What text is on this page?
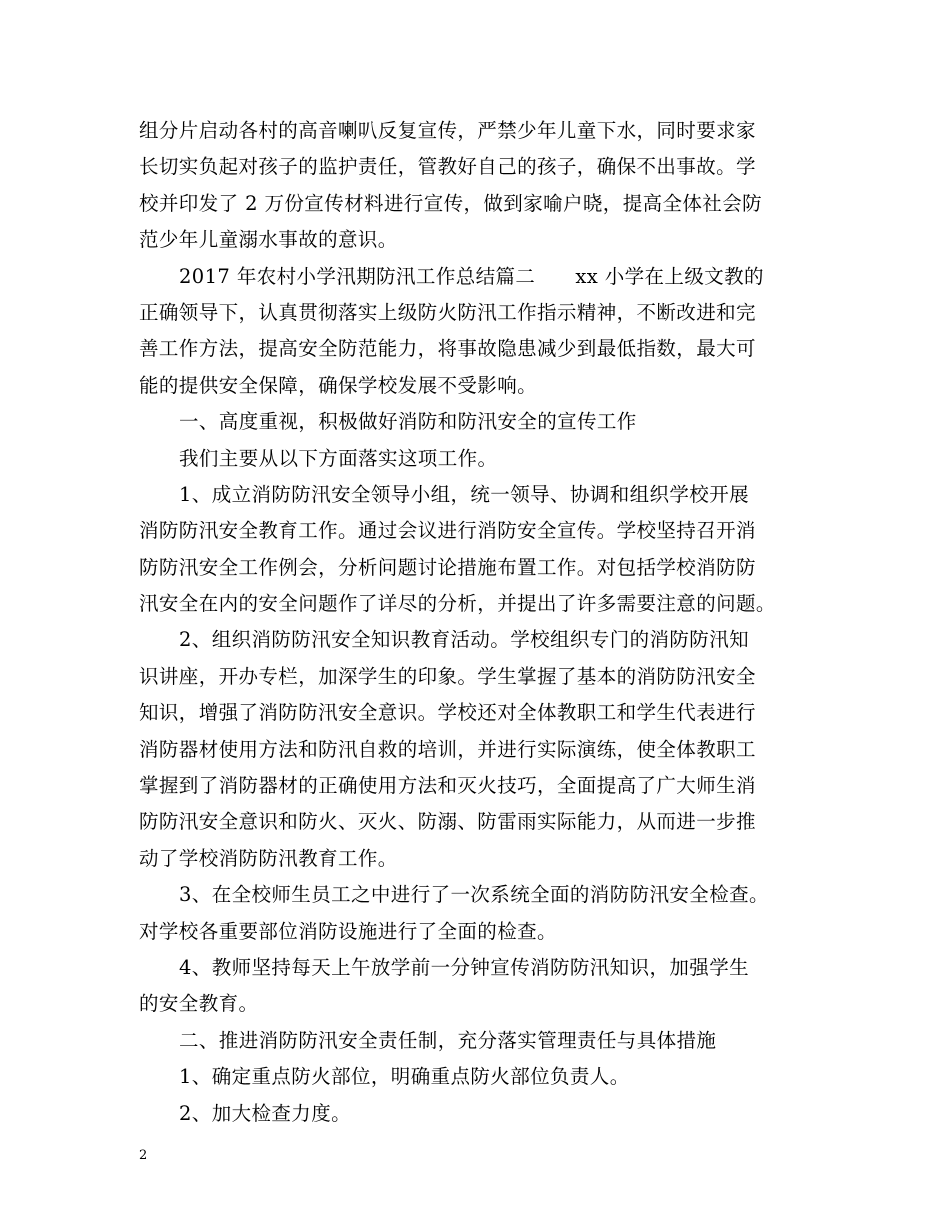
组分片启动各村的高音喇叭反复宣传，严禁少年儿童下水，同时要求家
长切实负起对孩子的监护责任，管教好自己的孩子，确保不出事故。学
校并印发了 2 万份宣传材料进行宣传，做到家喻户晓，提高全体社会防
范少年儿童溺水事故的意识。
2017 年农村小学汛期防汛工作总结篇二 xx 小学在上级文教的
正确领导下，认真贯彻落实上级防火防汛工作指示精神，不断改进和完
善工作方法，提高安全防范能力，将事故隐患减少到最低指数，最大可
能的提供安全保障，确保学校发展不受影响。
一、高度重视，积极做好消防和防汛安全的宣传工作
我们主要从以下方面落实这项工作。
1、成立消防防汛安全领导小组，统一领导、协调和组织学校开展
消防防汛安全教育工作。通过会议进行消防安全宣传。学校坚持召开消
防防汛安全工作例会，分析问题讨论措施布置工作。对包括学校消防防
汛安全在内的安全问题作了详尽的分析，并提出了许多需要注意的问题。
2、组织消防防汛安全知识教育活动。学校组织专门的消防防汛知
识讲座，开办专栏，加深学生的印象。学生掌握了基本的消防防汛安全
知识，增强了消防防汛安全意识。学校还对全体教职工和学生代表进行
消防器材使用方法和防汛自救的培训，并进行实际演练，使全体教职工
掌握到了消防器材的正确使用方法和灭火技巧，全面提高了广大师生消
防防汛安全意识和防火、灭火、防溺、防雷雨实际能力，从而进一步推
动了学校消防防汛教育工作。
3、在全校师生员工之中进行了一次系统全面的消防防汛安全检查。
对学校各重要部位消防设施进行了全面的检查。
4、教师坚持每天上午放学前一分钟宣传消防防汛知识，加强学生
的安全教育。
二、推进消防防汛安全责任制，充分落实管理责任与具体措施
1、确定重点防火部位，明确重点防火部位负责人。
2、加大检查力度。
2
